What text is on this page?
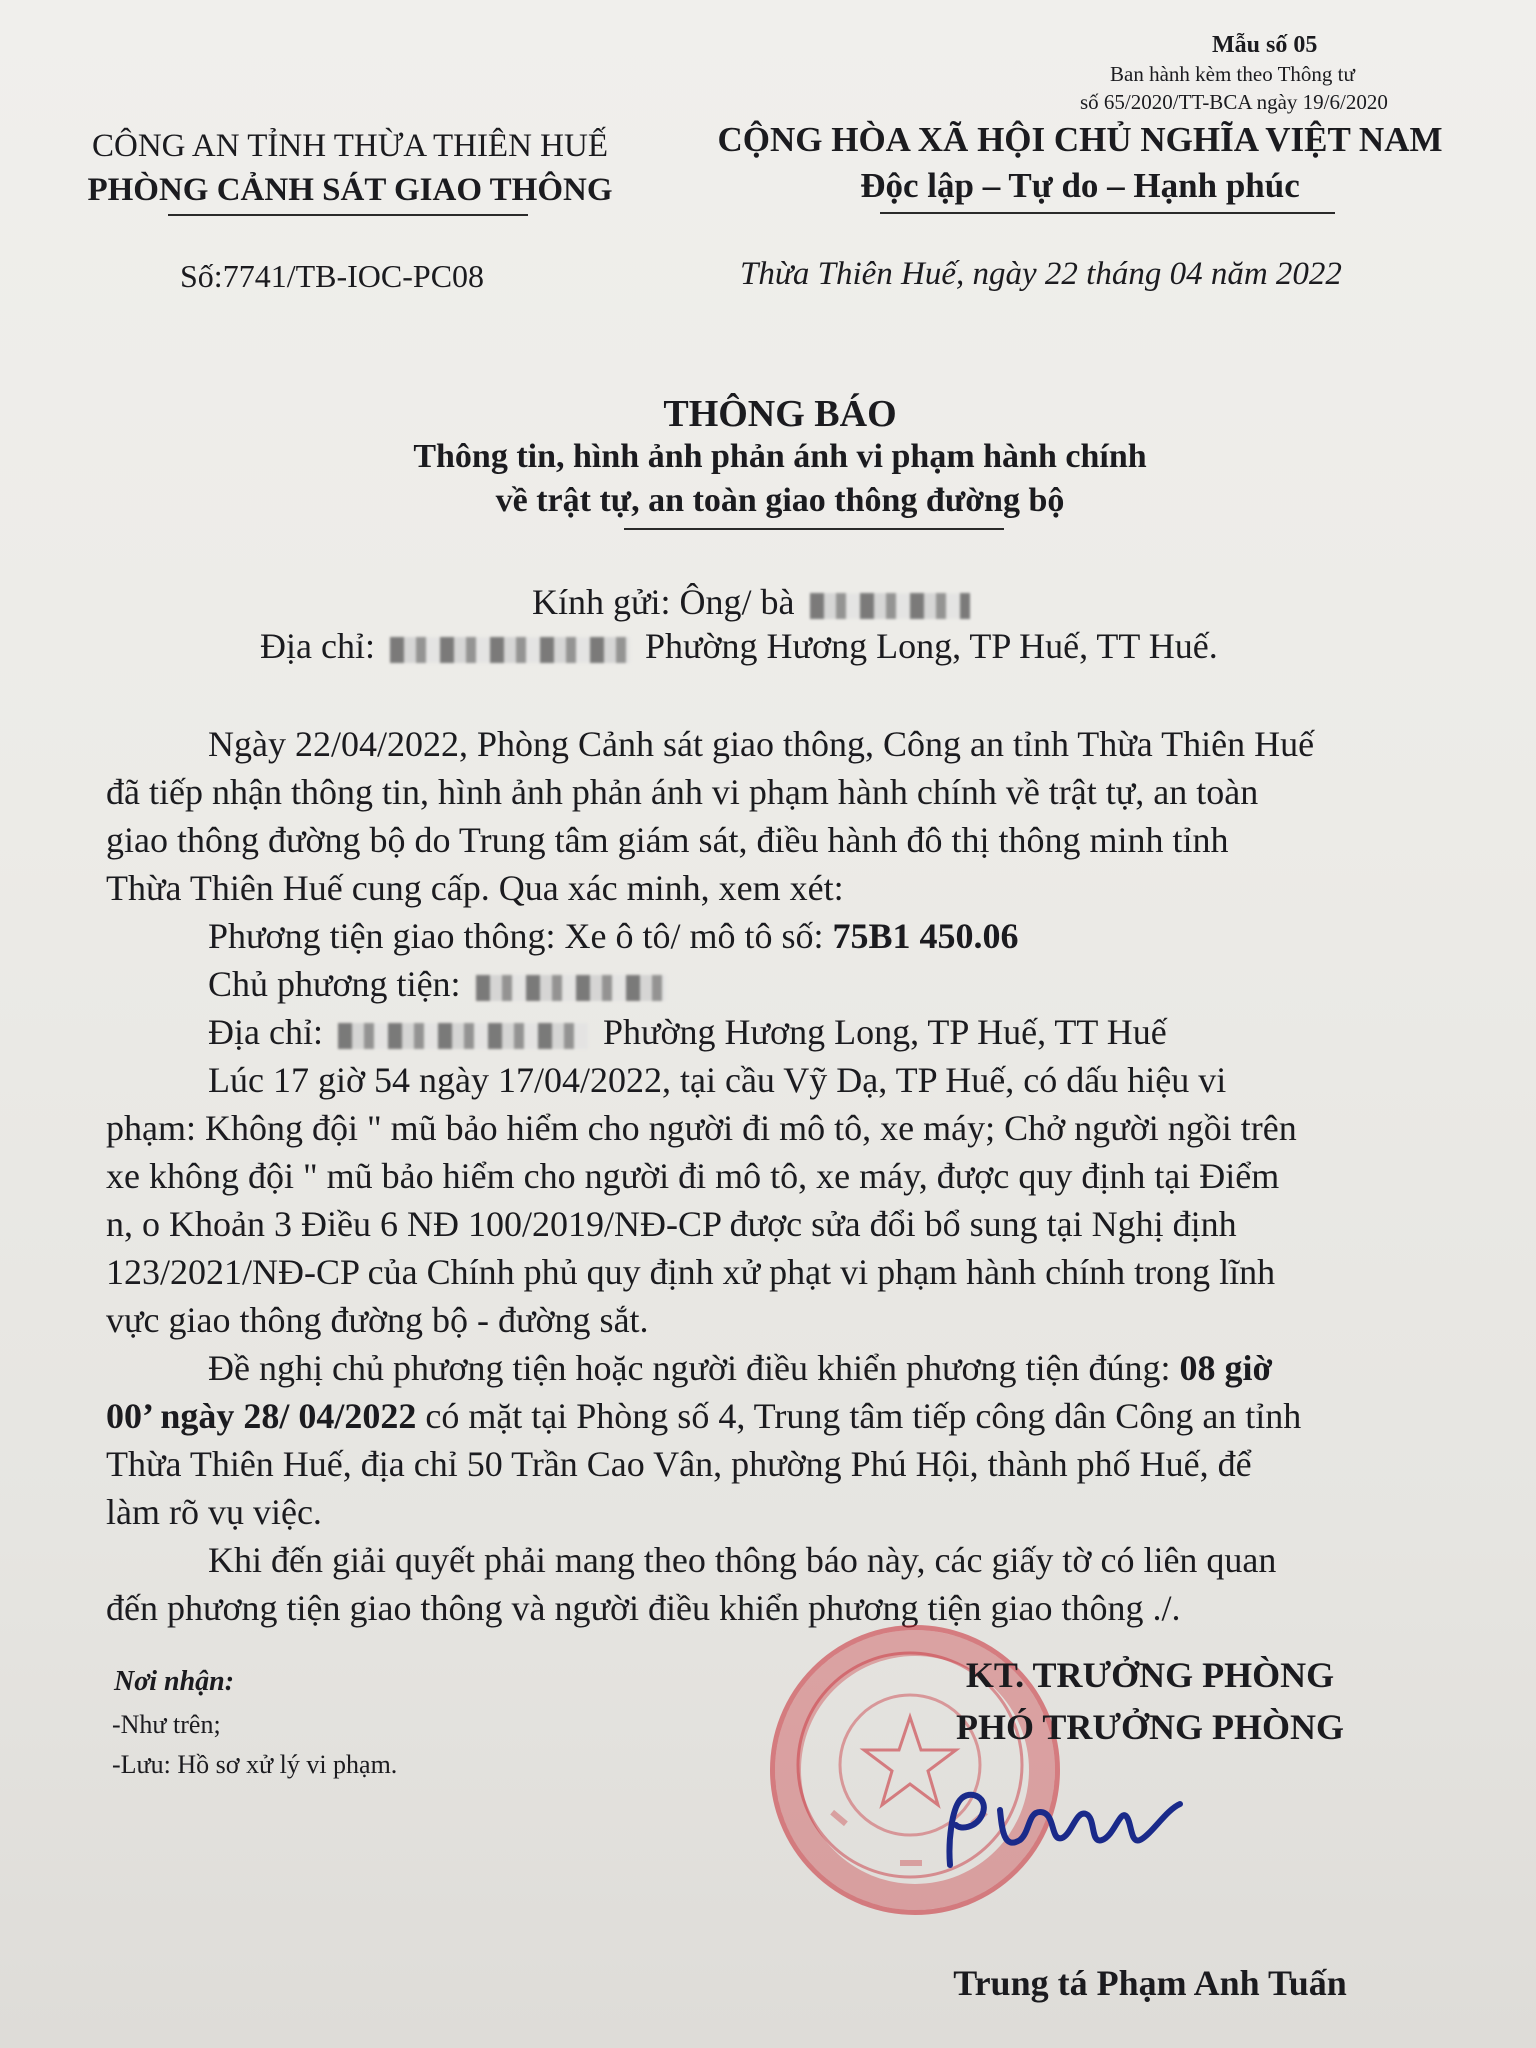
Mẫu số 05
Ban hành kèm theo Thông tư
số 65/2020/TT-BCA ngày 19/6/2020
CÔNG AN TỈNH THỪA THIÊN HUẾ
PHÒNG CẢNH SÁT GIAO THÔNG
CỘNG HÒA XÃ HỘI CHỦ NGHĨA VIỆT NAM
Độc lập – Tự do – Hạnh phúc
Số:7741/TB-IOC-PC08	Thừa Thiên Huế, ngày 22 tháng 04 năm 2022
THÔNG BÁO
Thông tin, hình ảnh phản ánh vi phạm hành chính
về trật tự, an toàn giao thông đường bộ
Kính gửi: Ông/ bà
Địa chỉ:	Phường Hương Long, TP Huế, TT Huế.
Ngày 22/04/2022, Phòng Cảnh sát giao thông, Công an tỉnh Thừa Thiên Huế
đã tiếp nhận thông tin, hình ảnh phản ánh vi phạm hành chính về trật tự, an toàn
giao thông đường bộ do Trung tâm giám sát, điều hành đô thị thông minh tỉnh
Thừa Thiên Huế cung cấp. Qua xác minh, xem xét:
Phương tiện giao thông: Xe ô tô/ mô tô số: 75B1 450.06
Chủ phương tiện:
Địa chỉ:	Phường Hương Long, TP Huế, TT Huế
Lúc 17 giờ 54 ngày 17/04/2022, tại cầu Vỹ Dạ, TP Huế, có dấu hiệu vi
phạm: Không đội " mũ bảo hiểm cho người đi mô tô, xe máy; Chở người ngồi trên
xe không đội " mũ bảo hiểm cho người đi mô tô, xe máy, được quy định tại Điểm
n, o Khoản 3 Điều 6 NĐ 100/2019/NĐ-CP được sửa đổi bổ sung tại Nghị định
123/2021/NĐ-CP của Chính phủ quy định xử phạt vi phạm hành chính trong lĩnh
vực giao thông đường bộ - đường sắt.
Đề nghị chủ phương tiện hoặc người điều khiển phương tiện đúng: 08 giờ
00’ ngày 28/ 04/2022 có mặt tại Phòng số 4, Trung tâm tiếp công dân Công an tỉnh
Thừa Thiên Huế, địa chỉ 50 Trần Cao Vân, phường Phú Hội, thành phố Huế, để
làm rõ vụ việc.
Khi đến giải quyết phải mang theo thông báo này, các giấy tờ có liên quan
đến phương tiện giao thông và người điều khiển phương tiện giao thông ./.
Nơi nhận:
-Như trên;
-Lưu: Hồ sơ xử lý vi phạm.
KT. TRƯỞNG PHÒNG
PHÓ TRƯỞNG PHÒNG
Trung tá Phạm Anh Tuấn
